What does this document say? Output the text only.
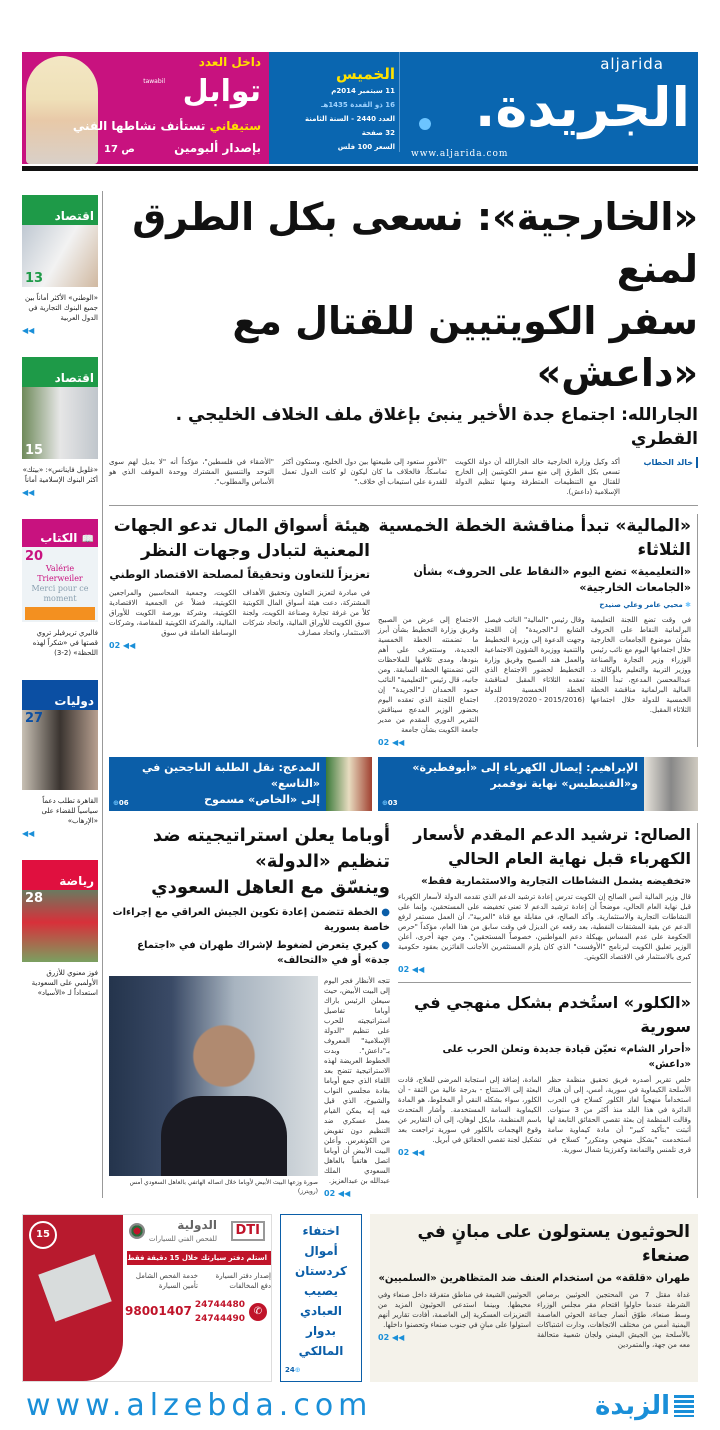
داخل العدد
توابل
tawabil
ستيفاني تستأنف نشاطها الفني
بإصدار ألبومين
ص 17
الخميس
11 سبتمبر 2014م
16 ذو القعدة 1435هـ
العدد 2440 - السنة الثامنة
32 صفحة
السعر 100 فلس
aljarida
الجريدة.
www.aljarida.com
اقتصاد
13
«الوطني» الأكثر أماناً بين جميع البنوك التجارية في الدول العربية
◀◀
اقتصاد
15
«غلوبل فاينانس»: «بيتك» أكثر البنوك الإسلامية أماناً
◀◀
📖 الكتاب
20
Valérie Trierweiler
Merci pour ce moment
فاليري تريرفيلر تروي قصتها في «شكراً لهذه اللحظة» (2-3)
دوليات
27
القاهرة تطلب دعماً سياسياً للقضاء على «الإرهاب»
◀◀
رياضة
28
فوز معنوي للأزرق الأولمبي على السعودية استعداداً لـ «الأسياد»
«الخارجية»: نسعى بكل الطرق لمنع
سفر الكويتيين للقتال مع «داعش»
الجارالله: اجتماع جدة الأخير ينبئ بإغلاق ملف الخلاف الخليجي . القطري
خالد الحطاب
أكد وكيل وزارة الخارجية خالد الجارالله أن دولة الكويت تسعى بكل الطرق إلى منع سفر الكويتيين إلى الخارج للقتال مع التنظيمات المتطرفة ومنها تنظيم الدولة الإسلامية (داعش).
"الأمور ستعود إلى طبيعتها بين دول الخليج، وستكون أكثر تماسكاً، فالخلاف ما كان ليكون لو كانت الدول تعمل للقدرة على استيعاب أي خلاف."
"الأشقاء في فلسطين"، مؤكداً أنه "لا بديل لهم سوى التوحد والتنسيق المشترك ووحدة الموقف الذي هو الأساس والمطلوب".
«المالية» تبدأ مناقشة الخطة الخمسية الثلاثاء
«التعليمية» تضع اليوم «النقاط على الحروف» بشأن «الجامعات الخارجية»
✱ محيي عامر وعلي صنيدح
في وقت تضع اللجنة التعليمية البرلمانية النقاط على الحروف بشأن موضوع الجامعات الخارجية خلال اجتماعها اليوم مع نائب رئيس الوزراء وزير التجارة والصناعة ووزير التربية والتعليم بالوكالة د. عبدالمحسن المدعج، تبدأ اللجنة المالية البرلمانية مناقشة الخطة الخمسية للدولة خلال اجتماعها الثلاثاء المقبل.
وقال رئيس "المالية" النائب فيصل الشايع لـ"الجريدة" إن اللجنة وجهت الدعوة إلى وزيرة التخطيط والتنمية ووزيرة الشؤون الاجتماعية والعمل هند الصبيح وفريق وزارة التخطيط لحضور الاجتماع الذي تعقده الثلاثاء المقبل لمناقشة الخطة الخمسية للدولة (2015/2016 - 2019/2020).
الاجتماع إلى عرض من الصبيح وفريق وزارة التخطيط بشأن أبرز ما تضمنته الخطة الخمسية الجديدة، وستتعرف على أهم بنودها، ومدى تلافيها للملاحظات التي تضمنتها الخطة السابقة. ومن جانبه، قال رئيس "التعليمية" النائب حمود الحمدان لـ"الجريدة" إن اجتماع اللجنة الذي تعقده اليوم بحضور الوزير المدعج سيناقش التقرير الدوري المقدم من مدير جامعة الكويت بشأن جامعة
02 ◀◀
هيئة أسواق المال تدعو الجهات المعنية لتبادل وجهات النظر
تعزيزاً للتعاون وتحقيقاً لمصلحة الاقتصاد الوطني
في مبادرة لتعزيز التعاون وتحقيق الأهداف المشتركة، دعت هيئة أسواق المال الكويتية كلاً من غرفة تجارة وصناعة الكويت، ولجنة سوق الكويت للأوراق المالية، واتحاد شركات الاستثمار، واتحاد مصارف
الكويت، وجمعية المحاسبين والمراجعين الكويتية، فضلاً عن الجمعية الاقتصادية الكويتية، وشركة بورصة الكويت للأوراق المالية، والشركة الكويتية للمقاصة، وشركات الوساطة العاملة في سوق
02 ◀◀
الإبراهيم: إيصال الكهرباء إلى «أبوفطيرة»
و«الفنيطيس» نهاية نوفمبر
⊕03
المدعج: نقل الطلبة الناجحين في «التاسع»
إلى «الخاص» مسموح
⊕06
الصالح: ترشيد الدعم المقدم لأسعار الكهرباء قبل نهاية العام الحالي
«تخفيضه يشمل النشاطات التجارية والاستثمارية فقط»
قال وزير المالية أنس الصالح إن الكويت تدرس إعادة ترشيد الدعم الذي تقدمه الدولة لأسعار الكهرباء قبل نهاية العام الحالي، موضحاً أن إعادة ترشيد الدعم لا تعني تخفيضه على المستحقين، وإنما على النشاطات التجارية والاستثمارية. وأكد الصالح، في مقابلة مع قناة "العربية"، أن العمل مستمر لرفع الدعم عن بقية المشتقات النفطية، بعد رفعه عن الديزل في وقت سابق من هذا العام، مؤكداً "حرص الحكومة على عدم المساس بهيكلة دعم المواطنين، خصوصاً المستحقين". ومن جهة أخرى، أعلن الوزير تعليق الكويت لبرنامج "الأوفست" الذي كان يلزم المستثمرين الأجانب الفائزين بعقود حكومية كبرى بالاستثمار في الاقتصاد الكويتي.
02 ◀◀
«الكلور» استُخدم بشكل منهجي في سورية
«أحرار الشام» تعيّن قيادة جديدة وتعلن الحرب على «داعش»
خلص تقرير أصدره فريق تحقيق منظمة حظر الأسلحة الكيماوية في سورية، أمس، إلى أن هناك استخداماً منهجياً لغاز الكلور كسلاح في الحرب الدائرة في هذا البلد منذ أكثر من 3 سنوات. وقالت المنظمة إن بعثة تقصي الحقائق التابعة لها أثبتت "بتأكيد كبير" أن مادة كيماوية سامة استخدمت "بشكل منهجي ومتكرر" كسلاح في قرى تلمنس والتمانعة وكفرزيتا شمال سورية.
المادة، إضافة إلى استجابة المرضى للعلاج، قادت البعثة إلى الاستنتاج - بدرجة عالية من الثقة - أن الكلور، سواء بشكله النقي أو المخلوط، هو المادة الكيماوية السامة المستخدمة. وأشار المتحدث باسم المنظمة، مايكل لوهان، إلى أن التقارير عن وقوع الهجمات بالكلور في سورية تراجعت بعد تشكيل لجنة تقصي الحقائق في أبريل.
02 ◀◀
أوباما يعلن استراتيجيته ضد تنظيم «الدولة»
وينسّق مع العاهل السعودي
● الخطة تتضمن إعادة تكوين الجيش العراقي مع إجراءات خاصة بسورية
● كيري يتعرض لضغوط لإشراك طهران في «اجتماع جدة» أو في «التحالف»
تتجه الأنظار فجر اليوم إلى البيت الأبيض، حيث سيعلن الرئيس باراك أوباما تفاصيل استراتيجيته للحرب على تنظيم "الدولة الإسلامية" المعروف بـ"داعش". وبدت الخطوط العريضة لهذه الاستراتيجية تتضح بعد اللقاء الذي جمع أوباما بقادة مجلسي النواب والشيوخ، الذي قيل فيه إنه يمكن القيام بعمل عسكري ضد التنظيم دون تفويض من الكونغرس. وأعلن البيت الأبيض أن أوباما اتصل هاتفياً بالعاهل السعودي الملك عبدالله بن عبدالعزيز.
02 ◀◀
صورة وزعها البيت الأبيض لأوباما خلال اتصاله الهاتفي بالعاهل السعودي أمس (رويترز)
الحوثيون يستولون على مبانٍ في صنعاء
طهران «قلقة» من استخدام العنف ضد المتظاهرين «السلميين»
غداة مقتل 7 من المحتجين الحوثيين برصاص الشرطة عندما حاولوا اقتحام مقر مجلس الوزراء وسط صنعاء، طوّق أنصار جماعة الحوثي العاصمة اليمنية أمس من مختلف الاتجاهات، ودارت اشتباكات بالأسلحة بين الجيش اليمني ولجان شعبية متحالفة معه من جهة، والمتمردين
الحوثيين الشيعة في مناطق متفرقة داخل صنعاء وفي محيطها. وبينما استدعى الحوثيون المزيد من التعزيزات العسكرية إلى العاصمة، أفادت تقارير أنهم استولوا على مبانٍ في جنوب صنعاء وتحصنوا داخلها.
02 ◀◀
اختفاء أموال
كردستان
يصيب العبادي
بدوار المالكي
24⊕
15	DTI
الدولية
للفحص الفني للسيارات
استلم دفتر سيارتك خلال 15 دقيقة فقط
إصدار دفتر السيارة
خدمة الفحص الشامل
دفع المخالفات
تأمين السيارة
✆
24744480
24744490
98001407
www.alzebda.com	الزبدة
